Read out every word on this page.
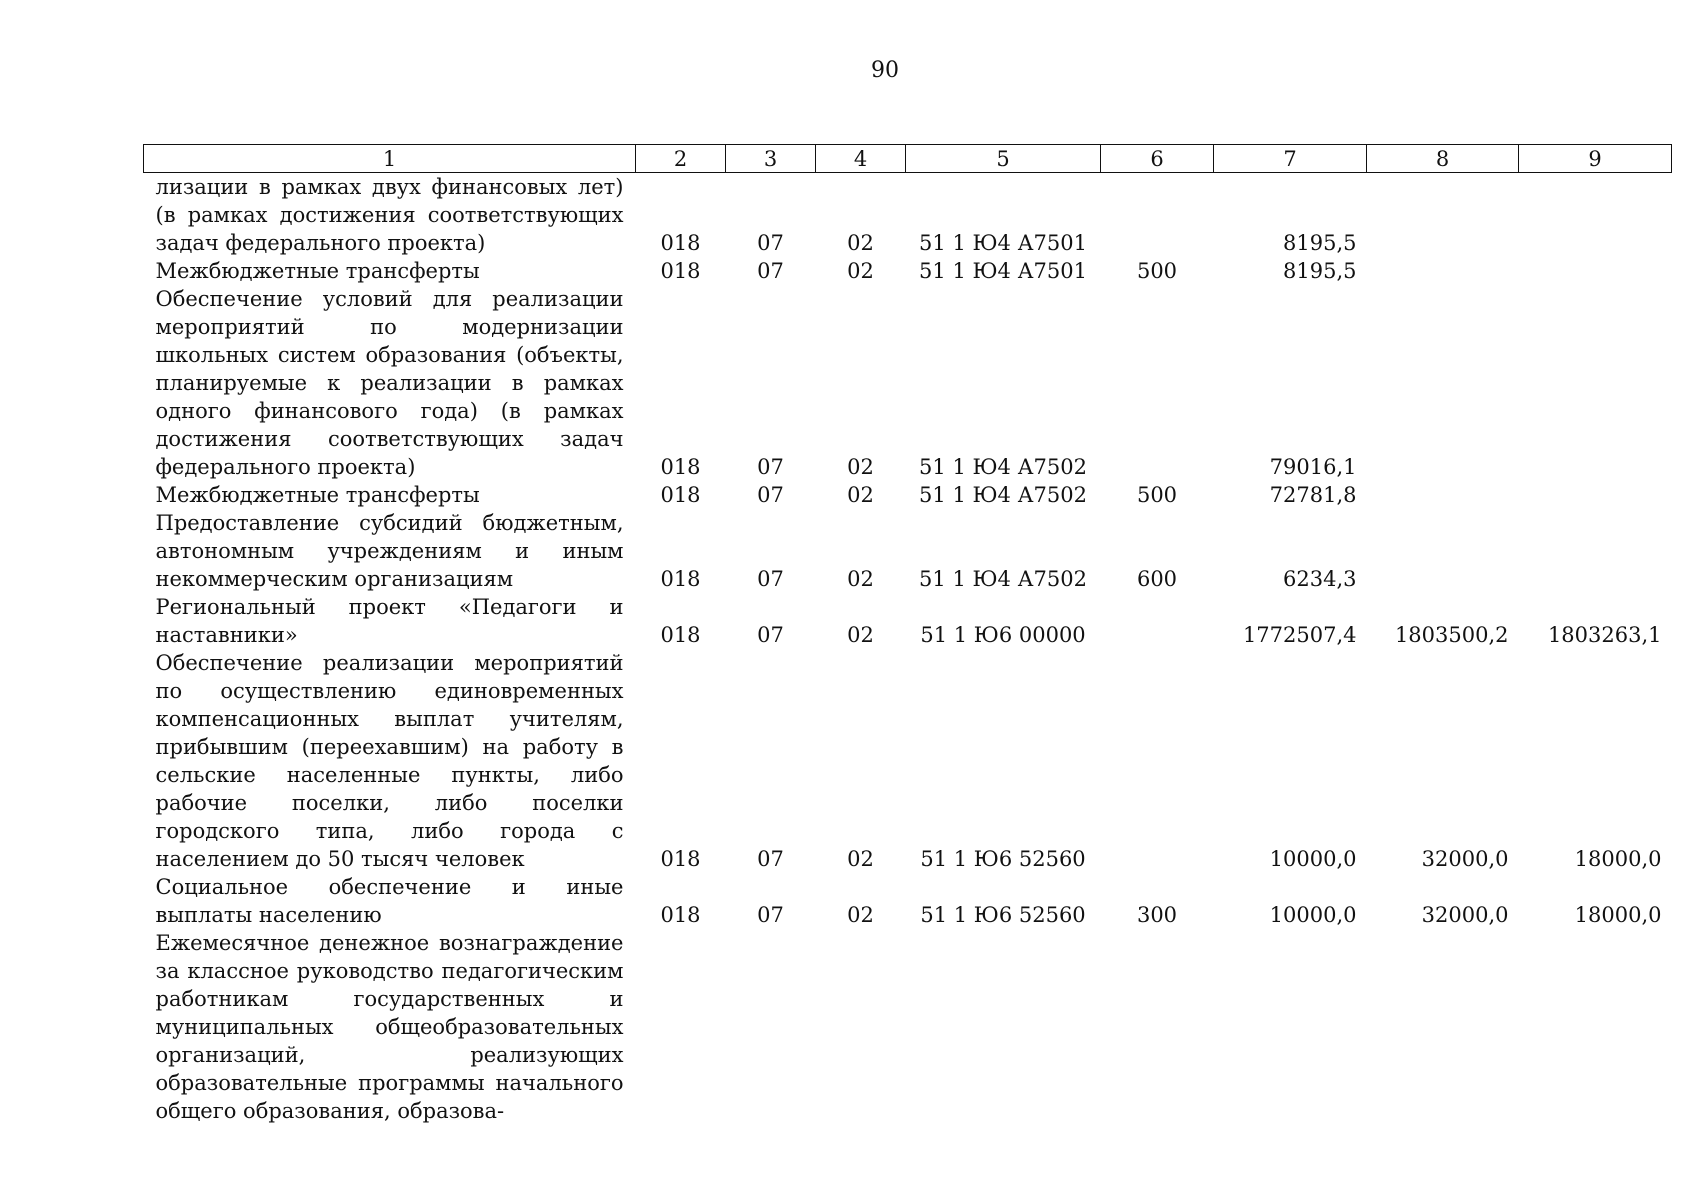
90
1	2	3	4	5	6	7	8	9
лизации в рамках двух финансовых лет) (в рамках достижения соответствующих задач федерального проекта)	018	07	02	51 1 Ю4 А7501		8195,5		
Межбюджетные трансферты	018	07	02	51 1 Ю4 А7501	500	8195,5		
Обеспечение условий для реализации мероприятий по модернизации школьных систем образования (объекты, планируемые к реализации в рамках одного финансового года) (в рамках достижения соответствующих задач федерального проекта)	018	07	02	51 1 Ю4 А7502		79016,1		
Межбюджетные трансферты	018	07	02	51 1 Ю4 А7502	500	72781,8		
Предоставление субсидий бюджетным, автономным учреждениям и иным некоммерческим организациям	018	07	02	51 1 Ю4 А7502	600	6234,3		
Региональный проект «Педагоги и наставники»	018	07	02	51 1 Ю6 00000		1772507,4	1803500,2	1803263,1
Обеспечение реализации мероприятий по осуществлению единовременных компенсационных выплат учителям, прибывшим (переехавшим) на работу в сельские населенные пункты, либо рабочие поселки, либо поселки городского типа, либо города с населением до 50 тысяч человек	018	07	02	51 1 Ю6 52560		10000,0	32000,0	18000,0
Социальное обеспечение и иные выплаты населению	018	07	02	51 1 Ю6 52560	300	10000,0	32000,0	18000,0
Ежемесячное денежное вознаграждение за классное руководство педагогическим работникам государственных и муниципальных общеобразовательных организаций, реализующих образовательные программы начального общего образования, образова-								
